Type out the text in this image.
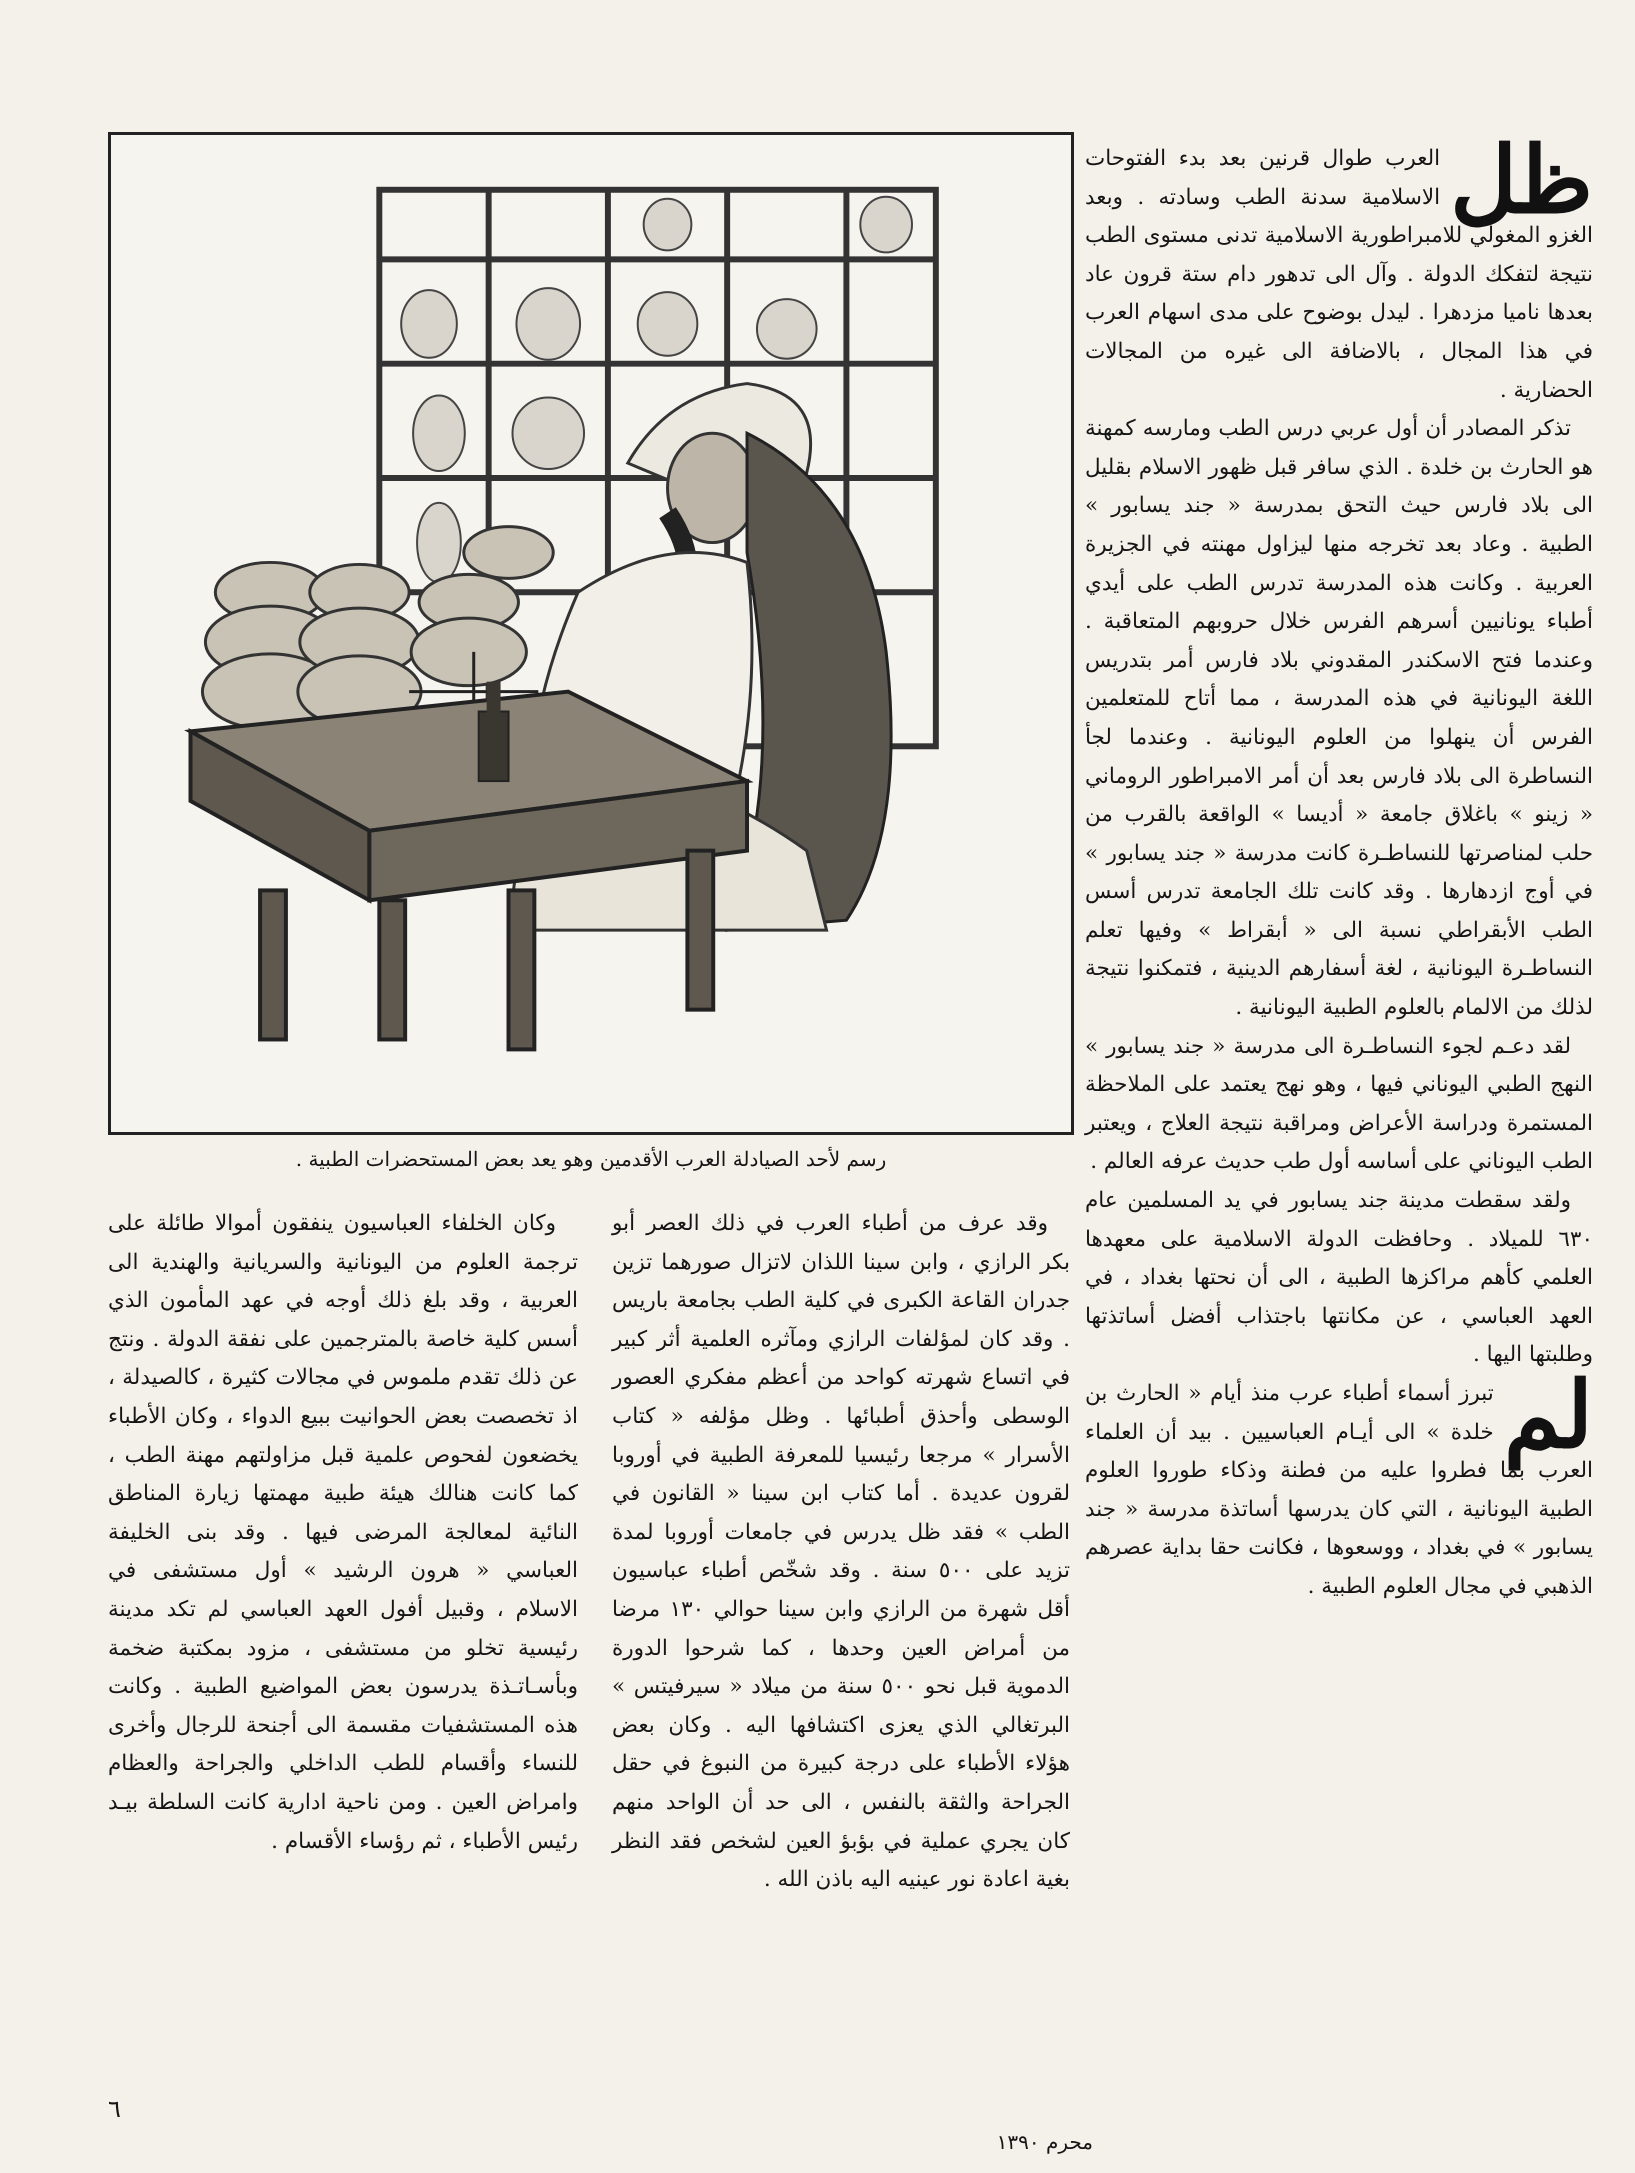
ظل
العرب طوال قرنين بعد بدء الفتوحات الاسلامية سدنة الطب وسادته . وبعد الغزو المغولي للامبراطورية الاسلامية تدنى مستوى الطب نتيجة لتفكك الدولة . وآل الى تدهور دام ستة قرون عاد بعدها ناميا مزدهرا . ليدل بوضوح على مدى اسهام العرب في هذا المجال ، بالاضافة الى غيره من المجالات الحضارية .

تذكر المصادر أن أول عربي درس الطب ومارسه كمهنة هو الحارث بن خلدة . الذي سافر قبل ظهور الاسلام بقليل الى بلاد فارس حيث التحق بمدرسة « جند يسابور » الطبية . وعاد بعد تخرجه منها ليزاول مهنته في الجزيرة العربية . وكانت هذه المدرسة تدرس الطب على أيدي أطباء يونانيين أسرهم الفرس خلال حروبهم المتعاقبة . وعندما فتح الاسكندر المقدوني بلاد فارس أمر بتدريس اللغة اليونانية في هذه المدرسة ، مما أتاح للمتعلمين الفرس أن ينهلوا من العلوم اليونانية . وعندما لجأ النساطرة الى بلاد فارس بعد أن أمر الامبراطور الروماني « زينو » باغلاق جامعة « أديسا » الواقعة بالقرب من حلب لمناصرتها للنساطـرة كانت مدرسة « جند يسابور » في أوج ازدهارها . وقد كانت تلك الجامعة تدرس أسس الطب الأبقراطي نسبة الى « أبقراط » وفيها تعلم النساطـرة اليونانية ، لغة أسفارهم الدينية ، فتمكنوا نتيجة لذلك من الالمام بالعلوم الطبية اليونانية .

لقد دعـم لجوء النساطـرة الى مدرسة « جند يسابور » النهج الطبي اليوناني فيها ، وهو نهج يعتمد على الملاحظة المستمرة ودراسة الأعراض ومراقبة نتيجة العلاج ، ويعتبر الطب اليوناني على أساسه أول طب حديث عرفه العالم .

ولقد سقطت مدينة جند يسابور في يد المسلمين عام ٦٣٠ للميلاد . وحافظت الدولة الاسلامية على معهدها العلمي كأهم مراكزها الطبية ، الى أن نحتها بغداد ، في العهد العباسي ، عن مكانتها باجتذاب أفضل أساتذتها وطلبتها اليها .

لم
تبرز أسماء أطباء عرب منذ أيام « الحارث بن خلدة » الى أيـام العباسيين . بيد أن العلماء العرب بما فطروا عليه من فطنة وذكاء طوروا العلوم الطبية اليونانية ، التي كان يدرسها أساتذة مدرسة « جند يسابور » في بغداد ، ووسعوها ، فكانت حقا بداية عصرهم الذهبي في مجال العلوم الطبية .

رسم لأحد الصيادلة العرب الأقدمين وهو يعد بعض المستحضرات الطبية .

وقد عرف من أطباء العرب في ذلك العصر أبو بكر الرازي ، وابن سينا اللذان لاتزال صورهما تزين جدران القاعة الكبرى في كلية الطب بجامعة باريس . وقد كان لمؤلفات الرازي ومآثره العلمية أثر كبير في اتساع شهرته كواحد من أعظم مفكري العصور الوسطى وأحذق أطبائها . وظل مؤلفه « كتاب الأسرار » مرجعا رئيسيا للمعرفة الطبية في أوروبا لقرون عديدة . أما كتاب ابن سينا « القانون في الطب » فقد ظل يدرس في جامعات أوروبا لمدة تزيد على ٥٠٠ سنة . وقد شخّص أطباء عباسيون أقل شهرة من الرازي وابن سينا حوالي ١٣٠ مرضا من أمراض العين وحدها ، كما شرحوا الدورة الدموية قبل نحو ٥٠٠ سنة من ميلاد « سيرفيتس » البرتغالي الذي يعزى اكتشافها اليه . وكان بعض هؤلاء الأطباء على درجة كبيرة من النبوغ في حقل الجراحة والثقة بالنفس ، الى حد أن الواحد منهم كان يجري عملية في بؤبؤ العين لشخص فقد النظر بغية اعادة نور عينيه اليه باذن الله .

وكان الخلفاء العباسيون ينفقون أموالا طائلة على ترجمة العلوم من اليونانية والسريانية والهندية الى العربية ، وقد بلغ ذلك أوجه في عهد المأمون الذي أسس كلية خاصة بالمترجمين على نفقة الدولة . ونتج عن ذلك تقدم ملموس في مجالات كثيرة ، كالصيدلة ، اذ تخصصت بعض الحوانيت ببيع الدواء ، وكان الأطباء يخضعون لفحوص علمية قبل مزاولتهم مهنة الطب ، كما كانت هنالك هيئة طبية مهمتها زيارة المناطق النائية لمعالجة المرضى فيها . وقد بنى الخليفة العباسي « هرون الرشيد » أول مستشفى في الاسلام ، وقبيل أفول العهد العباسي لم تكد مدينة رئيسية تخلو من مستشفى ، مزود بمكتبة ضخمة وبأسـاتـذة يدرسون بعض المواضيع الطبية . وكانت هذه المستشفيات مقسمة الى أجنحة للرجال وأخرى للنساء وأقسام للطب الداخلي والجراحة والعظام وامراض العين . ومن ناحية ادارية كانت السلطة بيـد رئيس الأطباء ، ثم رؤساء الأقسام .

٦
محرم ١٣٩٠
